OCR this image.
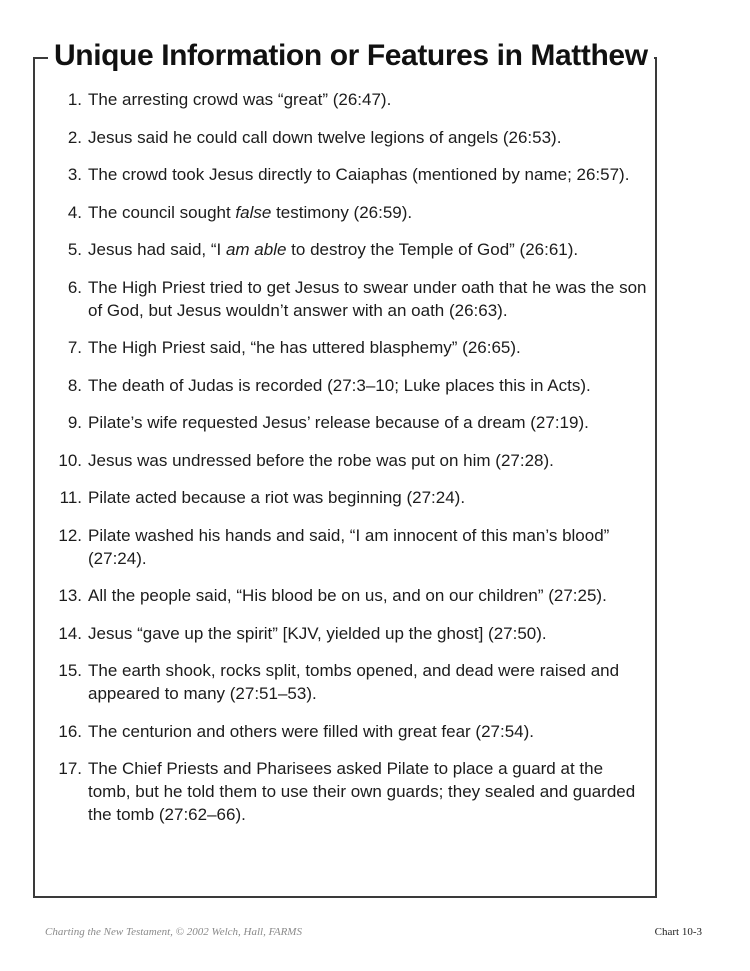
Unique Information or Features in Matthew
1. The arresting crowd was “great” (26:47).
2. Jesus said he could call down twelve legions of angels (26:53).
3. The crowd took Jesus directly to Caiaphas (mentioned by name; 26:57).
4. The council sought false testimony (26:59).
5. Jesus had said, “I am able to destroy the Temple of God” (26:61).
6. The High Priest tried to get Jesus to swear under oath that he was the son of God, but Jesus wouldn’t answer with an oath (26:63).
7. The High Priest said, “he has uttered blasphemy” (26:65).
8. The death of Judas is recorded (27:3–10; Luke places this in Acts).
9. Pilate’s wife requested Jesus’ release because of a dream (27:19).
10. Jesus was undressed before the robe was put on him (27:28).
11. Pilate acted because a riot was beginning (27:24).
12. Pilate washed his hands and said, “I am innocent of this man’s blood” (27:24).
13. All the people said, “His blood be on us, and on our children” (27:25).
14. Jesus “gave up the spirit” [KJV, yielded up the ghost] (27:50).
15. The earth shook, rocks split, tombs opened, and dead were raised and appeared to many (27:51–53).
16. The centurion and others were filled with great fear (27:54).
17. The Chief Priests and Pharisees asked Pilate to place a guard at the tomb, but he told them to use their own guards; they sealed and guarded the tomb (27:62–66).
Charting the New Testament, © 2002 Welch, Hall, FARMS	Chart 10-3
